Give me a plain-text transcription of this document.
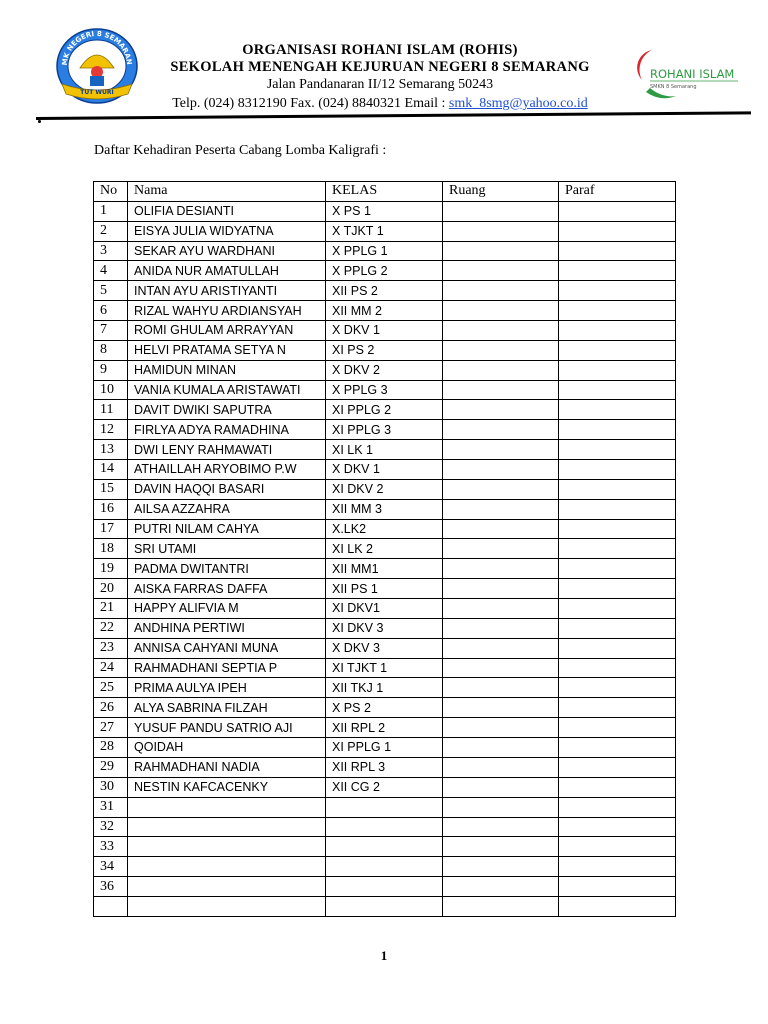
MK NEGERI 8 SEMARAN
TUT WURI
ORGANISASI ROHANI ISLAM (ROHIS)
SEKOLAH MENENGAH KEJURUAN NEGERI 8 SEMARANG
Jalan Pandanaran II/12 Semarang 50243
Telp. (024) 8312190 Fax. (024) 8840321 Email : smk_8smg@yahoo.co.id
ROHANI ISLAM
SMKN 8 Semarang
Daftar Kehadiran Peserta Cabang Lomba Kaligrafi :
No	Nama	KELAS	Ruang	Paraf
1	OLIFIA DESIANTI	X PS 1		
2	EISYA JULIA WIDYATNA	X TJKT 1		
3	SEKAR AYU WARDHANI	X PPLG 1		
4	ANIDA NUR AMATULLAH	X PPLG 2		
5	INTAN AYU ARISTIYANTI	XII PS 2		
6	RIZAL WAHYU ARDIANSYAH	XII MM 2		
7	ROMI GHULAM ARRAYYAN	X DKV 1		
8	HELVI PRATAMA SETYA N	XI PS 2		
9	HAMIDUN MINAN	X DKV 2		
10	VANIA KUMALA ARISTAWATI	X PPLG 3		
11	DAVIT DWIKI SAPUTRA	XI PPLG 2		
12	FIRLYA ADYA RAMADHINA	XI PPLG 3		
13	DWI LENY RAHMAWATI	XI LK 1		
14	ATHAILLAH ARYOBIMO P.W	X DKV 1		
15	DAVIN HAQQI BASARI	XI DKV 2		
16	AILSA AZZAHRA	XII MM 3		
17	PUTRI NILAM CAHYA	X.LK2		
18	SRI UTAMI	XI LK 2		
19	PADMA DWITANTRI	XII MM1		
20	AISKA FARRAS DAFFA	XII PS 1		
21	HAPPY ALIFVIA M	XI DKV1		
22	ANDHINA PERTIWI	XI DKV 3		
23	ANNISA CAHYANI MUNA	X DKV 3		
24	RAHMADHANI SEPTIA P	XI TJKT 1		
25	PRIMA AULYA IPEH	XII TKJ 1		
26	ALYA SABRINA FILZAH	X PS 2		
27	YUSUF PANDU SATRIO AJI	XII RPL 2		
28	QOIDAH	XI PPLG 1		
29	RAHMADHANI NADIA	XII RPL 3		
30	NESTIN KAFCACENKY	XII CG 2		
31				
32				
33				
34				
36				

1
